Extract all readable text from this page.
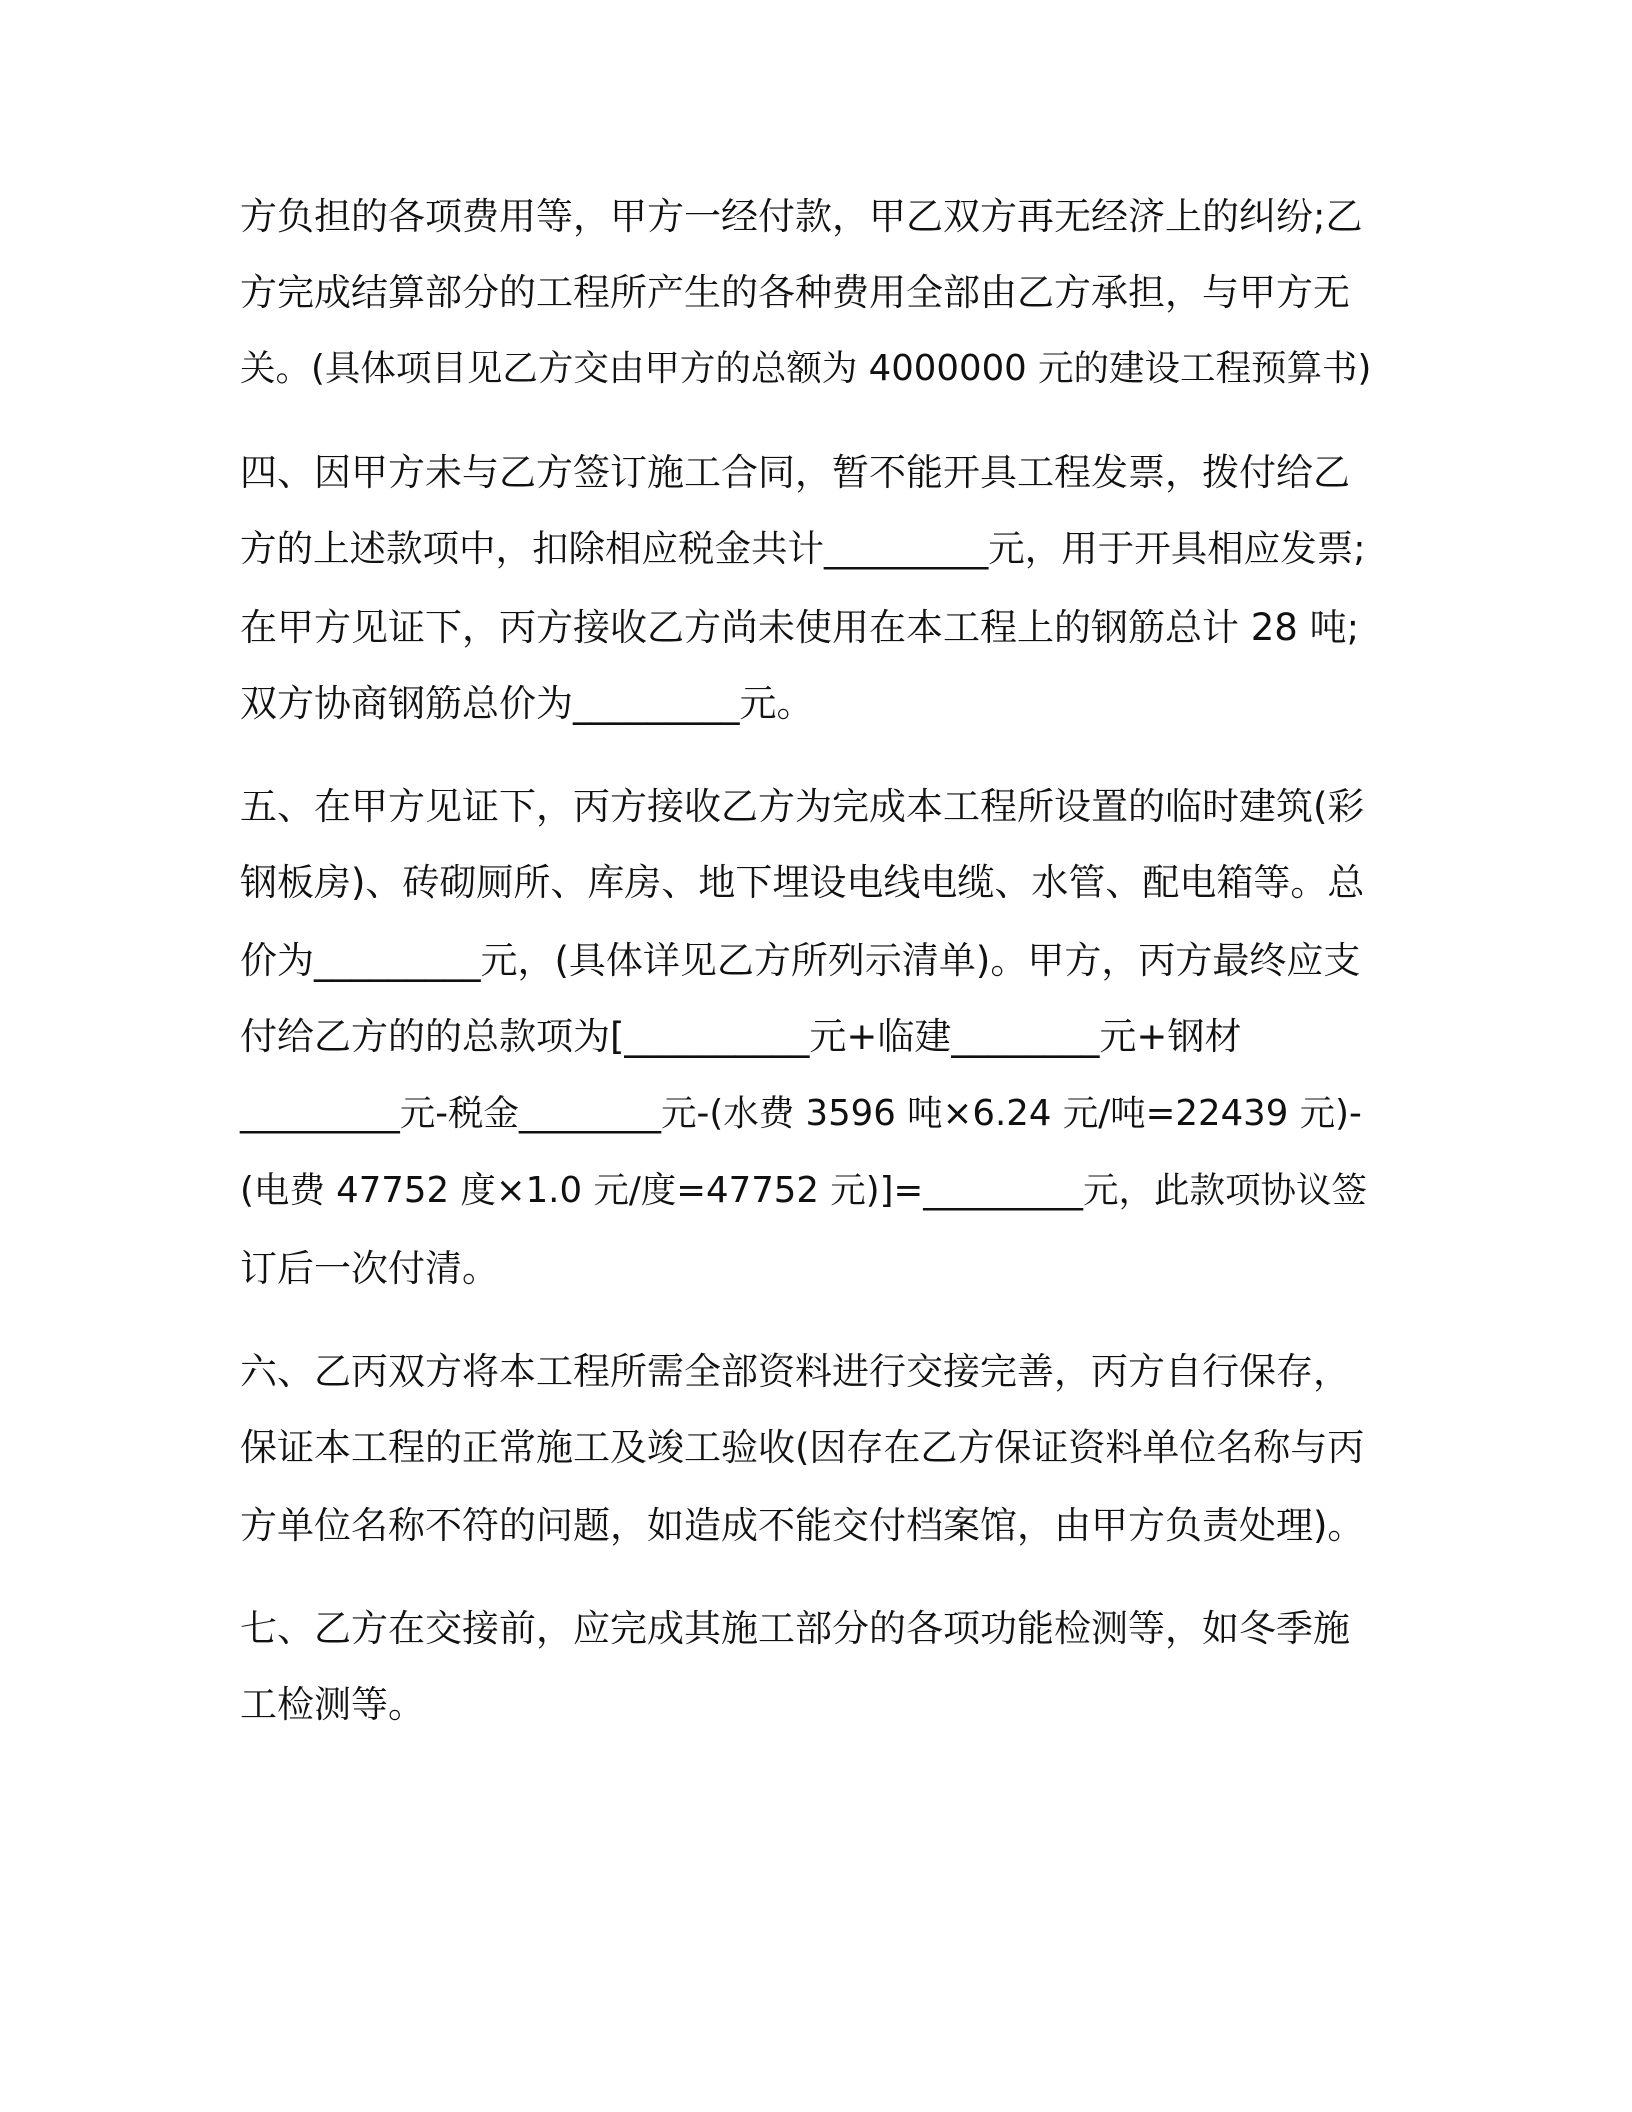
方负担的各项费用等，甲方一经付款，甲乙双方再无经济上的纠纷;乙
方完成结算部分的工程所产生的各种费用全部由乙方承担，与甲方无
关。(具体项目见乙方交由甲方的总额为 4000000 元的建设工程预算书)
四、因甲方未与乙方签订施工合同，暂不能开具工程发票，拨付给乙
方的上述款项中，扣除相应税金共计_________元，用于开具相应发票;
在甲方见证下，丙方接收乙方尚未使用在本工程上的钢筋总计 28 吨;
双方协商钢筋总价为_________元。
五、在甲方见证下，丙方接收乙方为完成本工程所设置的临时建筑(彩
钢板房)、砖砌厕所、库房、地下埋设电线电缆、水管、配电箱等。总
价为_________元，(具体详见乙方所列示清单)。甲方，丙方最终应支
付给乙方的的总款项为[__________元+临建________元+钢材
_________元-税金________元-(水费 3596 吨×6.24 元/吨=22439 元)-
(电费 47752 度×1.0 元/度=47752 元)]=_________元，此款项协议签
订后一次付清。
六、乙丙双方将本工程所需全部资料进行交接完善，丙方自行保存，
保证本工程的正常施工及竣工验收(因存在乙方保证资料单位名称与丙
方单位名称不符的问题，如造成不能交付档案馆，由甲方负责处理)。
七、乙方在交接前，应完成其施工部分的各项功能检测等，如冬季施
工检测等。
